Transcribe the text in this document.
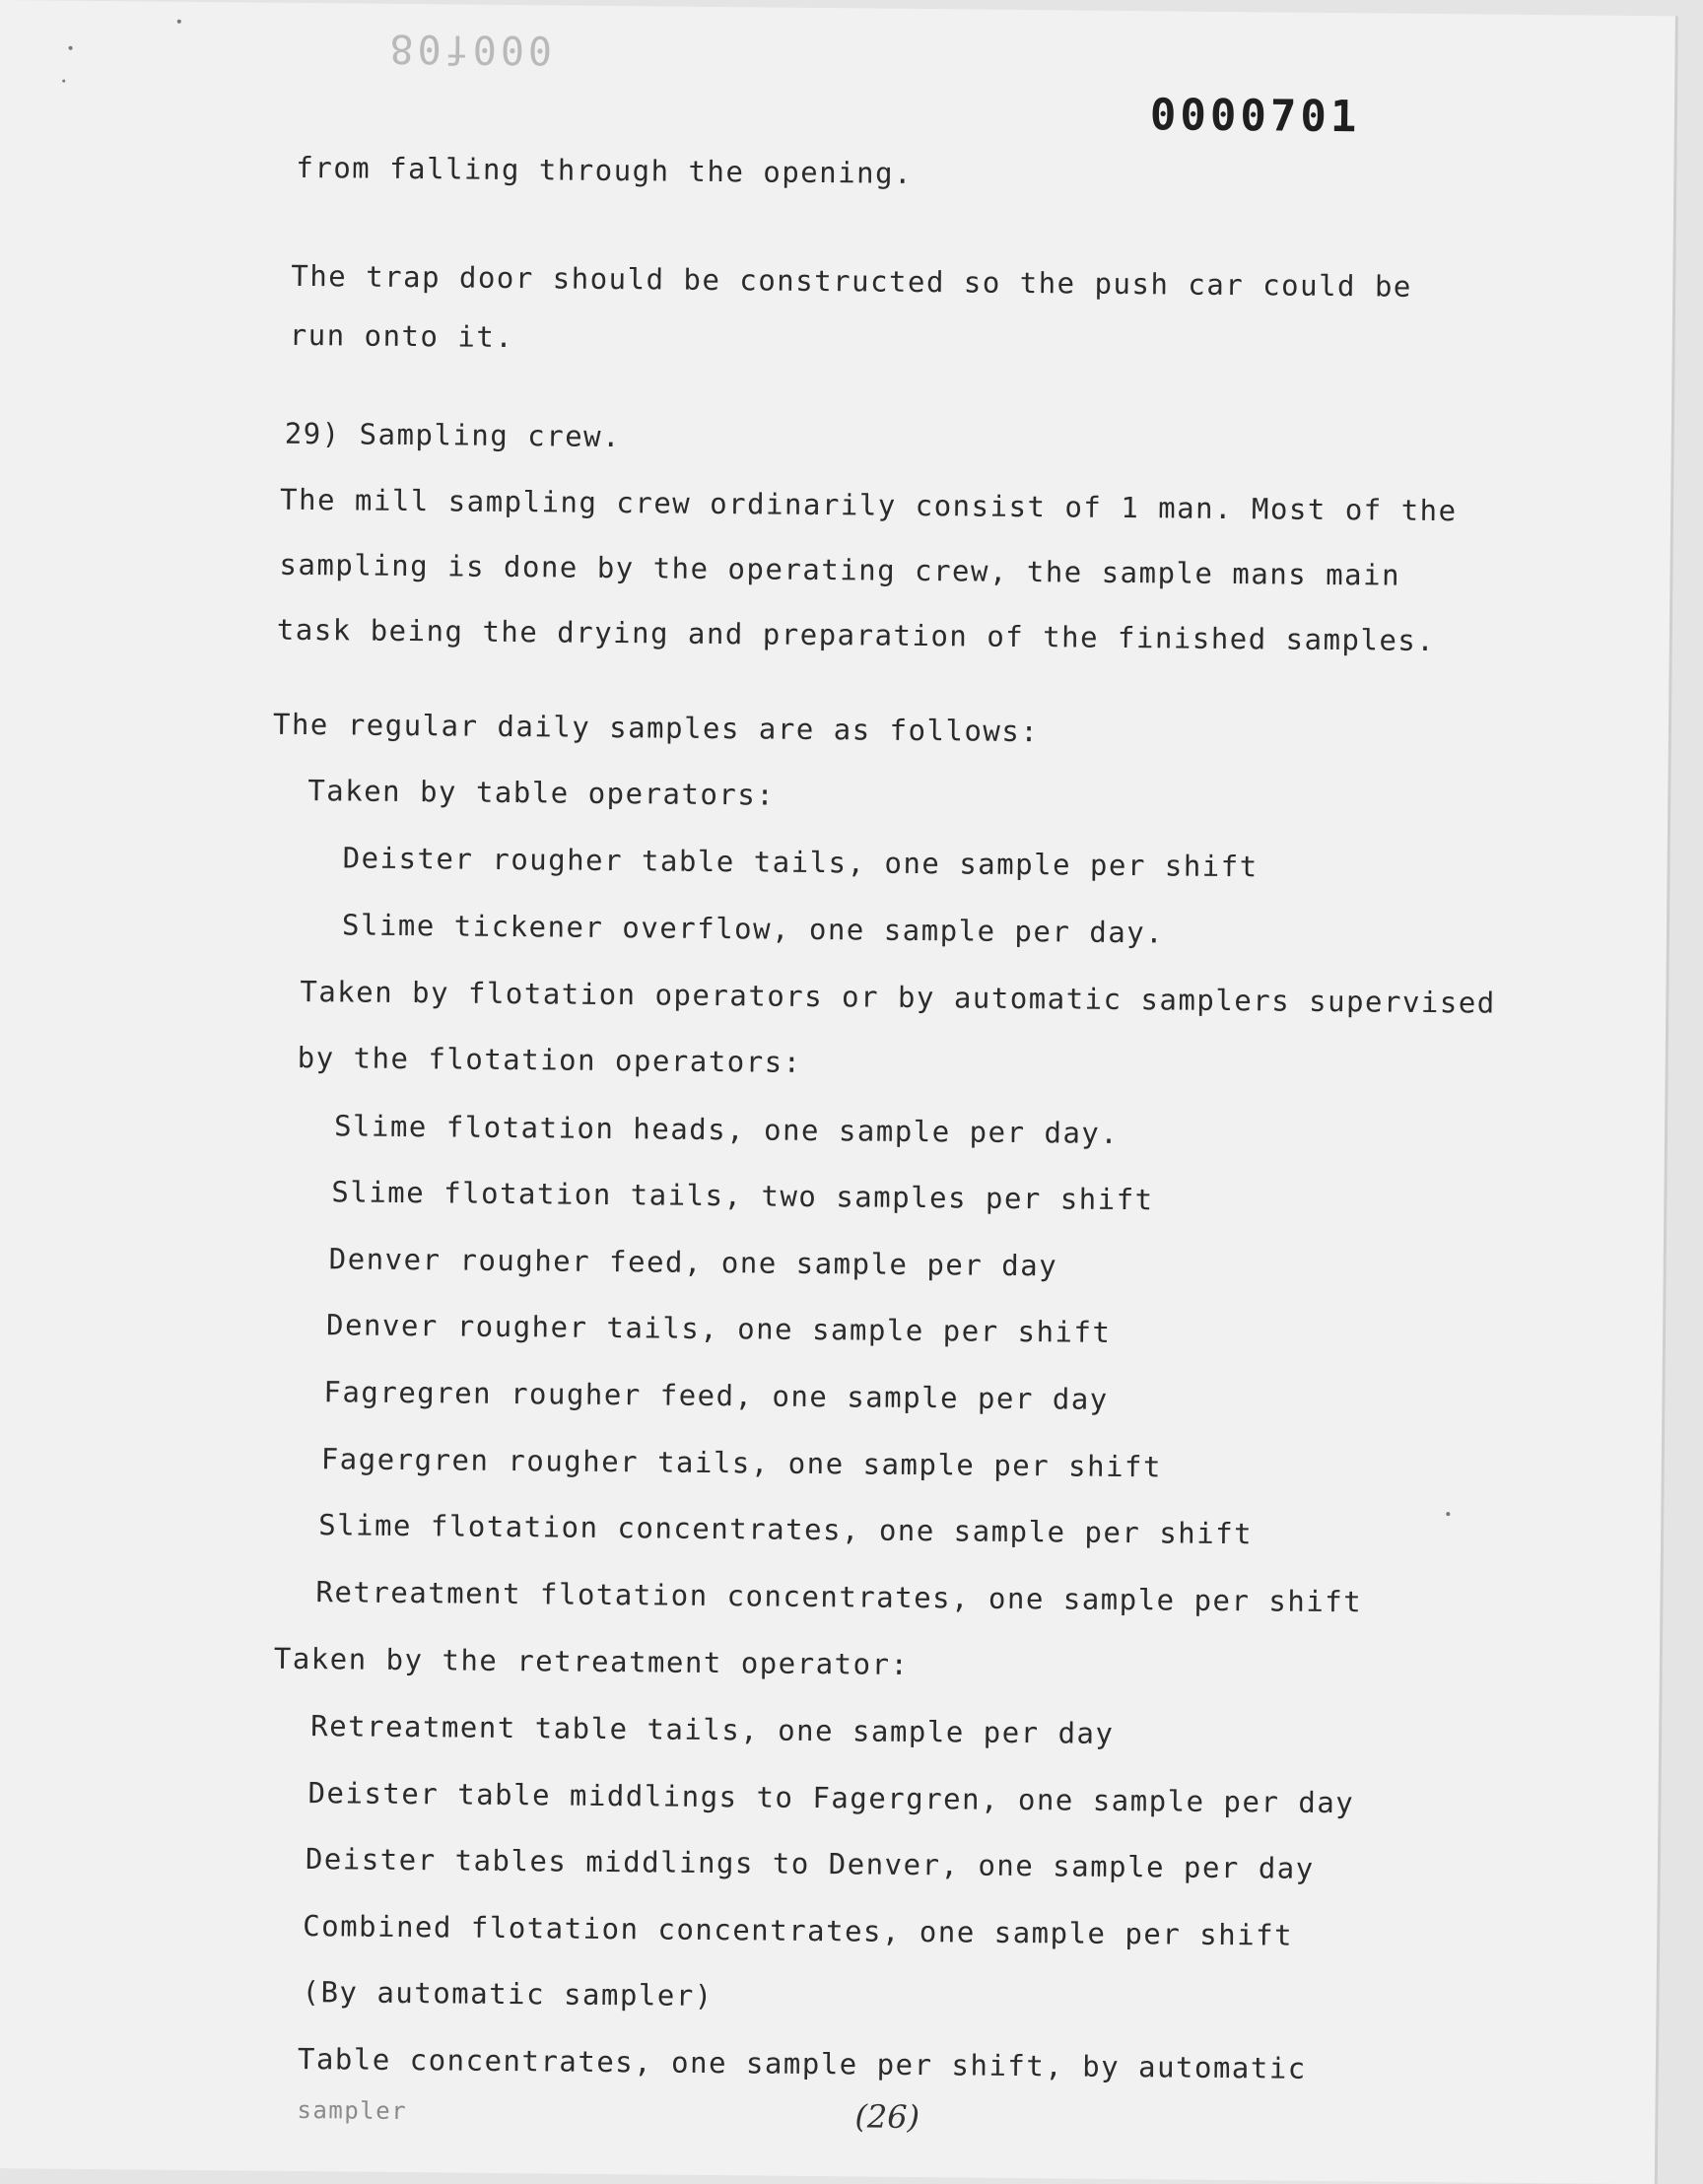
000f08
0000701
from falling through the opening.
The trap door should be constructed so the push car could be
run onto it.
29) Sampling crew.
The mill sampling crew ordinarily consist of 1 man. Most of the
sampling is done by the operating crew, the sample mans main
task being the drying and preparation of the finished samples.
The regular daily samples are as follows:
Taken by table operators:
Deister rougher table tails, one sample per shift
Slime tickener overflow, one sample per day.
Taken by flotation operators or by automatic samplers supervised
by the flotation operators:
Slime flotation heads, one sample per day.
Slime flotation tails, two samples per shift
Denver rougher feed, one sample per day
Denver rougher tails, one sample per shift
Fagregren rougher feed, one sample per day
Fagergren rougher tails, one sample per shift
Slime flotation concentrates, one sample per shift
Retreatment flotation concentrates, one sample per shift
Taken by the retreatment operator:
Retreatment table tails, one sample per day
Deister table middlings to Fagergren, one sample per day
Deister tables middlings to Denver, one sample per day
Combined flotation concentrates, one sample per shift
(By automatic sampler)
Table concentrates, one sample per shift, by automatic
sampler	(26)
